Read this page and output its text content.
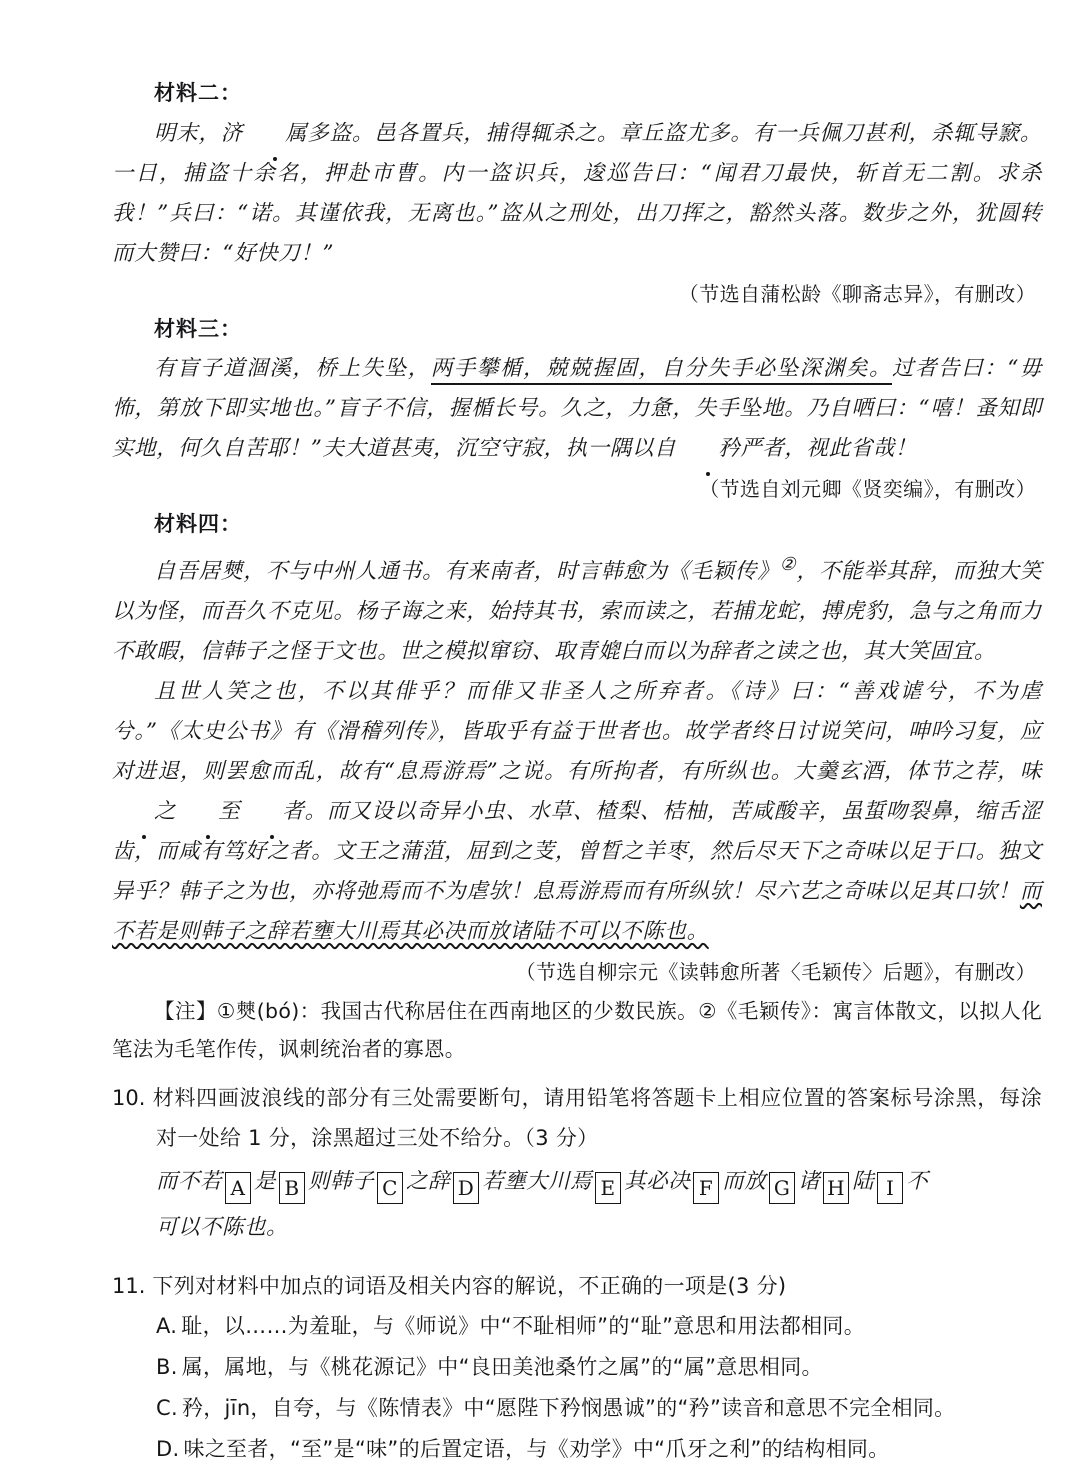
材料二：

明末，济 属多盗。邑各置兵，捕得辄杀之。章丘盗尤多。有一兵佩刀甚利，杀辄导窾。一日，捕盗十余名，押赴市曹。内一盗识兵，逡巡告曰：“闻君刀最快，斩首无二割。求杀我！”兵曰：“诺。其谨依我，无离也。”盗从之刑处，出刀挥之，豁然头落。数步之外，犹圆转而大赞曰：“好快刀！”

（节选自蒲松龄《聊斋志异》，有删改）

材料三：

有盲子道涸溪，桥上失坠，两手攀楯，兢兢握固，自分失手必坠深渊矣。过者告曰：“毋怖，第放下即实地也。”盲子不信，握楯长号。久之，力惫，失手坠地。乃自哂曰：“嘻！蚤知即实地，何久自苦耶！”夫大道甚夷，沉空守寂，执一隅以自 矜严者，视此省哉！

（节选自刘元卿《贤奕编》，有删改）

材料四：

自吾居僰，不与中州人通书。有来南者，时言韩愈为《毛颖传》②，不能举其辞，而独大笑以为怪，而吾久不克见。杨子诲之来，始持其书，索而读之，若捕龙蛇，搏虎豹，急与之角而力不敢暇，信韩子之怪于文也。世之模拟窜窃、取青媲白而以为辞者之读之也，其大笑固宜。

且世人笑之也，不以其俳乎？而俳又非圣人之所弃者。《诗》曰：“善戏谑兮，不为虐兮。”《太史公书》有《滑稽列传》，皆取乎有益于世者也。故学者终日讨说笑问，呻吟习复，应对进退，则罢愈而乱，故有“息焉游焉”之说。有所拘者，有所纵也。大羹玄酒，体节之荐，味之 至 者。而又设以奇异小虫、水草、楂梨、桔柚，苦咸酸辛，虽蜇吻裂鼻，缩舌涩齿，而咸有笃好之者。文王之蒲菹，屈到之芰，曾晳之羊枣，然后尽天下之奇味以足于口。独文异乎？韩子之为也，亦将弛焉而不为虐欤！息焉游焉而有所纵欤！尽六艺之奇味以足其口欤！而不若是则韩子之辞若壅大川焉其必决而放诸陆不可以不陈也。

（节选自柳宗元《读韩愈所著〈毛颖传〉后题》，有删改）

【注】①僰(bó)：我国古代称居住在西南地区的少数民族。②《毛颖传》：寓言体散文，以拟人化笔法为毛笔作传，讽刺统治者的寡恩。

10. 材料四画波浪线的部分有三处需要断句，请用铅笔将答题卡上相应位置的答案标号涂黑，每涂对一处给 1 分，涂黑超过三处不给分。（3 分）

而不若 A 是 B 则韩子 C 之辞 D 若壅大川焉 E 其必决 F 而放 G 诸 H 陆 I 不

可以不陈也。

11. 下列对材料中加点的词语及相关内容的解说，不正确的一项是(3 分)

A. 耻，以……为羞耻，与《师说》中“不耻相师”的“耻”意思和用法都相同。

B. 属，属地，与《桃花源记》中“良田美池桑竹之属”的“属”意思相同。

C. 矜，jīn，自夸，与《陈情表》中“愿陛下矜悯愚诚”的“矜”读音和意思不完全相同。

D. 味之至者，“至”是“味”的后置定语，与《劝学》中“爪牙之利”的结构相同。
